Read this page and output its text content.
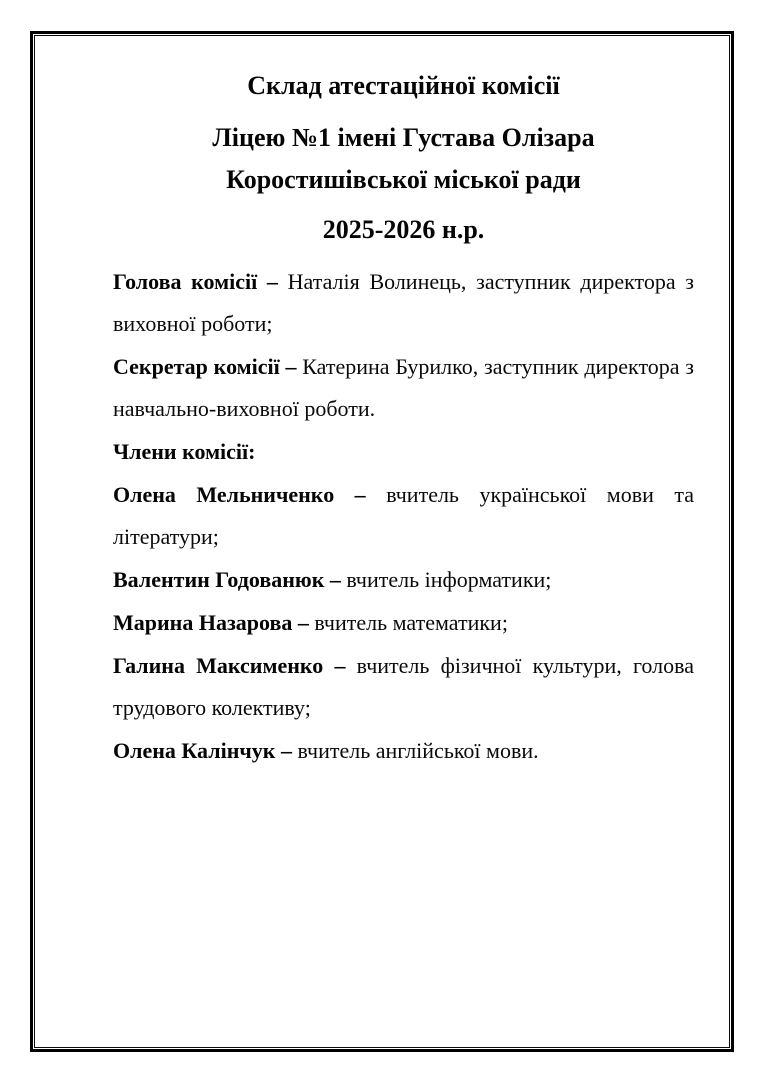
Склад атестаційної комісії
Ліцею №1 імені Густава Олізара
Коростишівської міської ради
2025-2026 н.р.

Голова комісії – Наталія Волинець, заступник директора з виховної роботи;

Секретар комісії – Катерина Бурилко, заступник директора з навчально-виховної роботи.

Члени комісії:

Олена Мельниченко – вчитель української мови та літератури;

Валентин Годованюк – вчитель інформатики;

Марина Назарова – вчитель математики;

Галина Максименко – вчитель фізичної культури, голова трудового колективу;

Олена Калінчук – вчитель англійської мови.
